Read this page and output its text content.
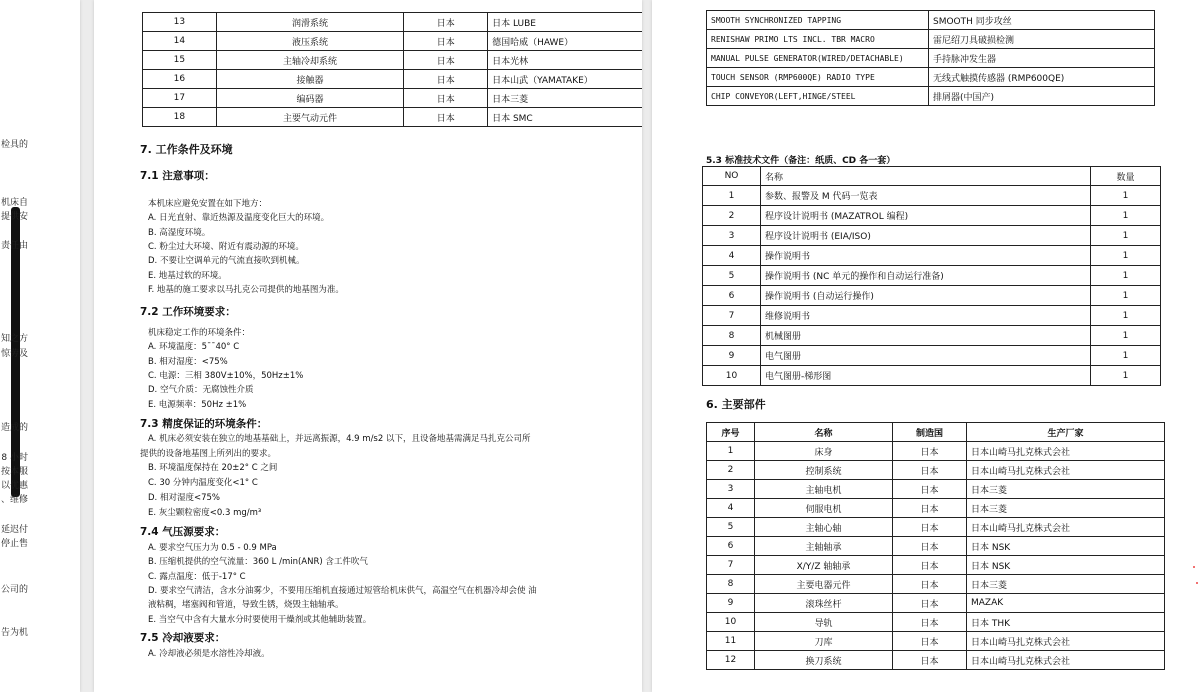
检具的
机床自
提供安
责任由
知之方
惊劳及
造成的
8 小时
按本服
以优惠
、维修
延迟付
停止售
公司的
告为机
13	润滑系统	日本	日本 LUBE
14	液压系统	日本	德国哈威（HAWE）
15	主轴冷却系统	日本	日本光林
16	接触器	日本	日本山武（YAMATAKE）
17	编码器	日本	日本三菱
18	主要气动元件	日本	日本 SMC
7. 工作条件及环境
7.1 注意事项：
本机床应避免安置在如下地方：
A. 日光直射、靠近热源及温度变化巨大的环境。
B. 高湿度环境。
C. 粉尘过大环境、附近有震动源的环境。
D. 不要让空调单元的气流直接吹到机械。
E. 地基过软的环境。
F. 地基的施工要求以马扎克公司提供的地基图为准。
7.2 工作环境要求：
机床稳定工作的环境条件：
A. 环境温度：5¯¯40° C
B. 相对湿度：<75%
C. 电源：三相 380V±10%，50Hz±1%
D. 空气介质：无腐蚀性介质
E. 电源频率：50Hz ±1%
7.3 精度保证的环境条件：
A. 机床必须安装在独立的地基基础上，并远离振源，4.9 m/s2 以下，且设备地基需满足马扎克公司所
提供的设备地基图上所列出的要求。
B. 环境温度保持在 20±2° C 之间
C. 30 分钟内温度变化<1° C
D. 相对湿度<75%
E. 灰尘颗粒密度<0.3 mg/m³
7.4 气压源要求：
A. 要求空气压力为 0.5 - 0.9 MPa
B. 压缩机提供的空气流量：360 L /min(ANR) 含工件吹气
C. 露点温度：低于-17° C
D. 要求空气清洁，含水分油雾少，不要用压缩机直接通过短管给机床供气，高温空气在机器冷却会使 油
液粘稠，堵塞阀和管道，导致生锈，烧毁主轴轴承。
E. 当空气中含有大量水分时要使用干燥剂或其他辅助装置。
7.5 冷却液要求：
A. 冷却液必须是水溶性冷却液。
SMOOTH SYNCHRONIZED TAPPING	SMOOTH 同步攻丝
RENISHAW PRIMO LTS INCL. TBR MACRO	雷尼绍刀具破损检测
MANUAL PULSE GENERATOR(WIRED/DETACHABLE)	手持脉冲发生器
TOUCH SENSOR (RMP600QE) RADIO TYPE	无线式触摸传感器 (RMP600QE)
CHIP CONVEYOR(LEFT,HINGE/STEEL	排屑器(中国产)
5.3 标准技术文件（备注：纸质、CD 各一套）
NO	名称	数量
1	参数、报警及 M 代码一览表	1
2	程序设计说明书 (MAZATROL 编程)	1
3	程序设计说明书 (EIA/ISO)	1
4	操作说明书	1
5	操作说明书 (NC 单元的操作和自动运行准备)	1
6	操作说明书 (自动运行操作)	1
7	维修说明书	1
8	机械图册	1
9	电气图册	1
10	电气图册-梯形图	1
6. 主要部件
序号	名称	制造国	生产厂家
1	床身	日本	日本山崎马扎克株式会社
2	控制系统	日本	日本山崎马扎克株式会社
3	主轴电机	日本	日本三菱
4	伺服电机	日本	日本三菱
5	主轴心轴	日本	日本山崎马扎克株式会社
6	主轴轴承	日本	日本 NSK
7	X/Y/Z 轴轴承	日本	日本 NSK
8	主要电器元件	日本	日本三菱
9	滚珠丝杆	日本	MAZAK
10	导轨	日本	日本 THK
11	刀库	日本	日本山崎马扎克株式会社
12	换刀系统	日本	日本山崎马扎克株式会社
